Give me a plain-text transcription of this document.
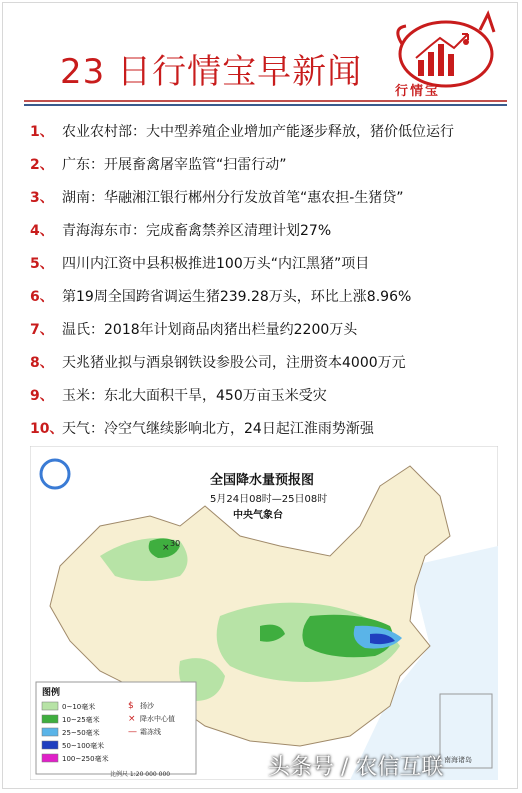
23 日行情宝早新闻	行情宝
1、 农业农村部：大中型养殖企业增加产能逐步释放，猪价低位运行
2、 广东：开展畜禽屠宰监管“扫雷行动”
3、 湖南：华融湘江银行郴州分行发放首笔“惠农担-生猪贷”
4、 青海海东市：完成畜禽禁养区清理计划27%
5、 四川内江资中县积极推进100万头“内江黑猪”项目
6、 第19周全国跨省调运生猪239.28万头，环比上涨8.96%
7、 温氏：2018年计划商品肉猪出栏量约2200万头
8、 天兆猪业拟与酒泉钢铁设参股公司，注册资本4000万元
9、 玉米：东北大面积干旱，450万亩玉米受灾
10、
天气：冷空气继续影响北方，24日起江淮雨势渐强
× 30
全国降水量预报图
5月24日08时—25日08时
中央气象台
图例
0~10毫米
10~25毫米
25~50毫米
50~100毫米
100~250毫米
$ 扬沙
× 降水中心值
— 霜冻线
南海诸岛
比例尺 1:20 000 000	头条号 / 农信互联
